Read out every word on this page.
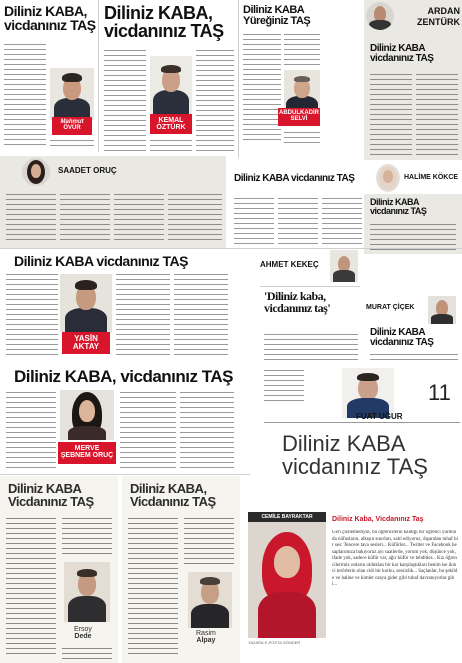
Diliniz KABA, vicdanınız TAŞ
Mahmut
ÖVÜR
Diliniz KABA, vicdanınız TAŞ
KEMAL
ÖZTÜRK
Diliniz KABA Yüreğiniz TAŞ
ABDULKADİR
SELVİ
ARDAN ZENTÜRK
Diliniz KABA vicdanınız TAŞ
SAADET ORUÇ
Diliniz KABA vicdanınız TAŞ	HALİME KÖKCE
Diliniz KABA vicdanınız TAŞ
Diliniz KABA vicdanınız TAŞ
YASİN
AKTAY
AHMET KEKEÇ
'Diliniz kaba, vicdanınız taş'	MURAT ÇİÇEK
Diliniz KABA vicdanınız TAŞ
Diliniz KABA, vicdanınız TAŞ
MERVE
ŞEBNEM ORUÇ
11
FUAT UĞUR
Diliniz KABA
vicdanınız TAŞ
Diliniz KABA Vicdanınız TAŞ
Ersoy
Dede
Diliniz KABA, Vicdanınız TAŞ
Rasim
Alpay
CEMİLE BAYRAKTAR
YAZARA E-POSTA GÖNDER
Diliniz Kaba, Vicdanınız Taş
Geri çizilemediyse, bu öğrencilerin kaldığı bir öğrenci yurdunda nüfusların, alkışın sınırları, salıl ediyoruz, dışarıdan tuhaf bir ses: Tencere tava sesleri... Küfürler... Twitter ve Facebook hesaplarımıza bakıyoruz ayı saatlerde, yorum yok, düşünce yok, ifade yok, sadece küfür var, ağır küfür ve tehditler... Kız öğrencilerimiz onların olduklan bir kar karşılaştıkları benim ise ikinci terörlerin olan cidi bir korku, sessizlik... Saçlanlar, bu şekilde ve haline ve kimler oraya gider gibi tuhaf davranıyorlar gibi...
